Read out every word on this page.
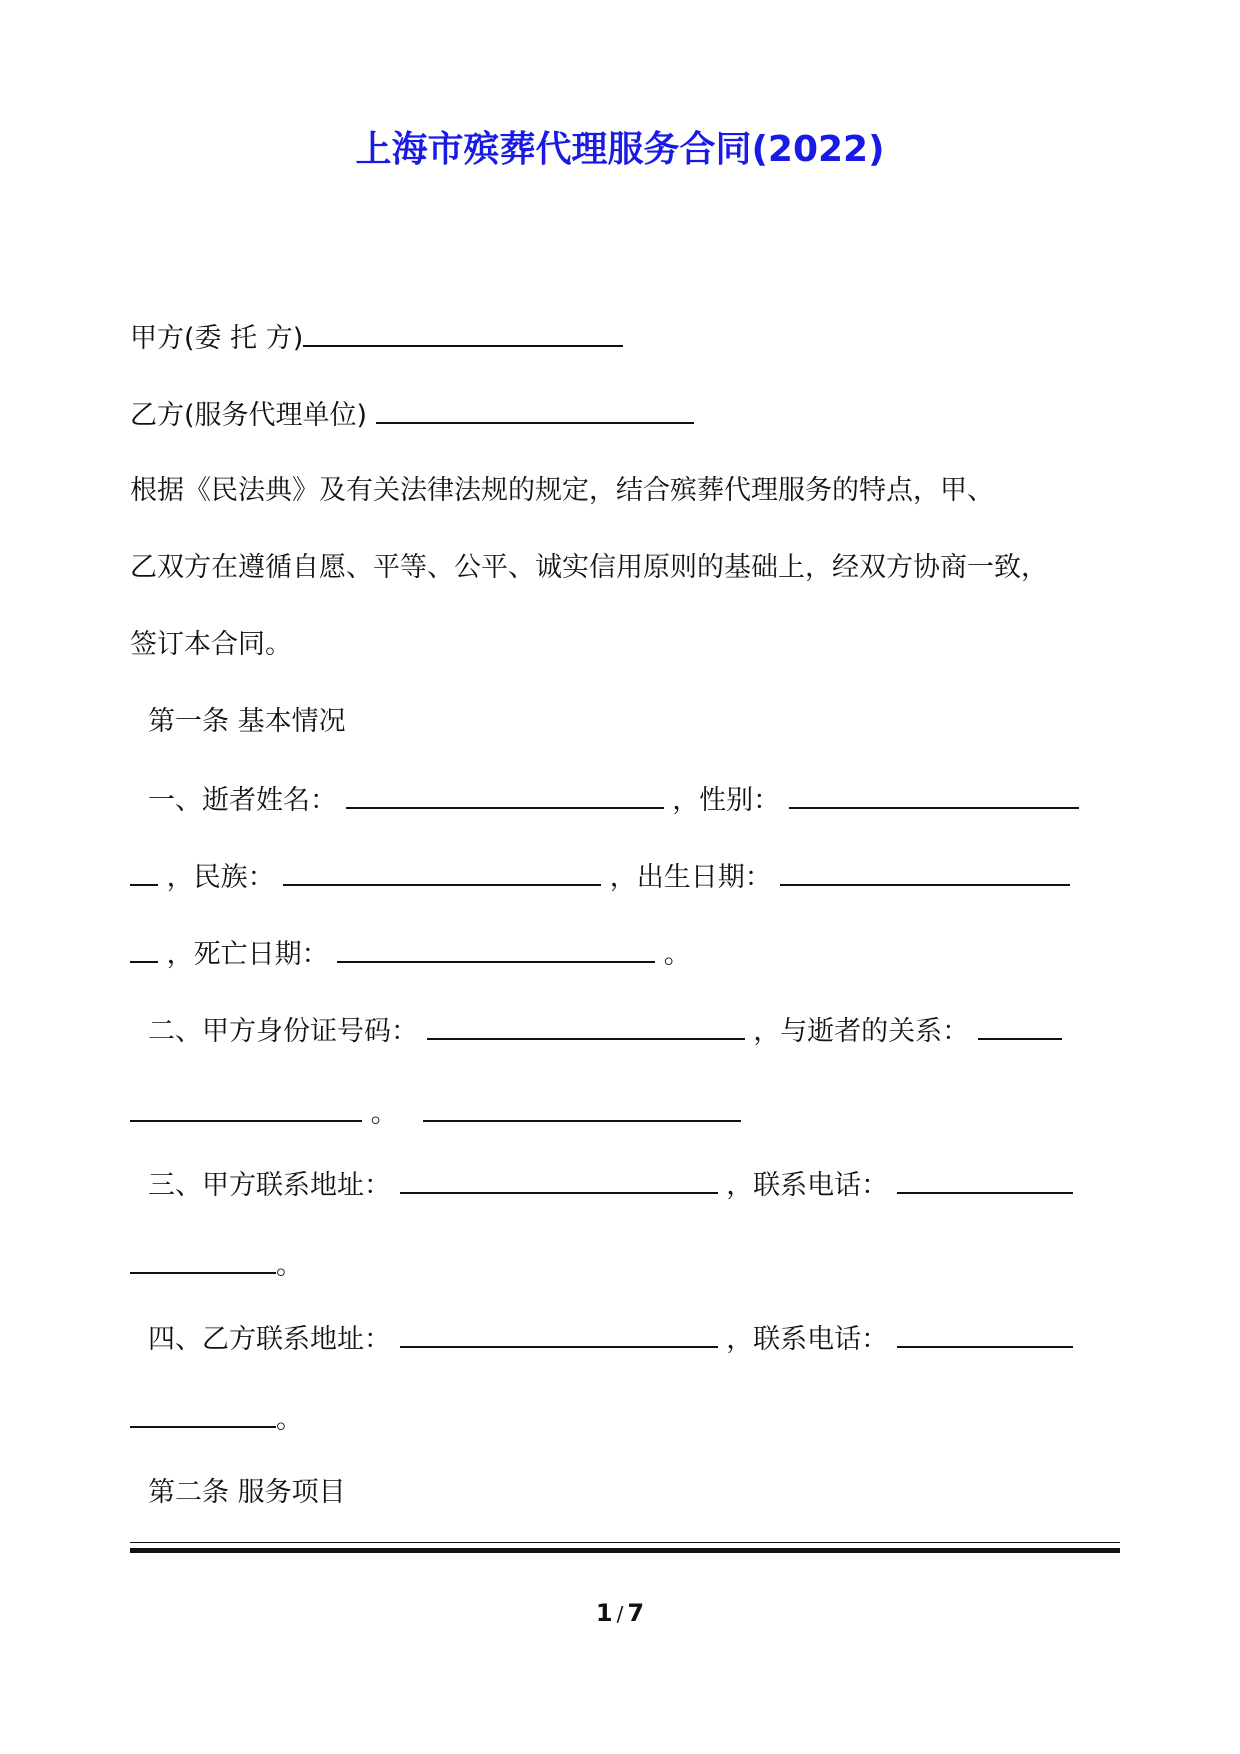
上海市殡葬代理服务合同(2022)
甲方(委 托 方)
乙方(服务代理单位)
根据《民法典》及有关法律法规的规定，结合殡葬代理服务的特点，甲、
乙双方在遵循自愿、平等、公平、诚实信用原则的基础上，经双方协商一致，
签订本合同。
第一条 基本情况
一、逝者姓名：	，性别：
，民族：	，出生日期：
，死亡日期：	。
二、甲方身份证号码：	，与逝者的关系：
。
三、甲方联系地址：	，联系电话：
。
四、乙方联系地址：	，联系电话：
。
第二条 服务项目
1 / 7
